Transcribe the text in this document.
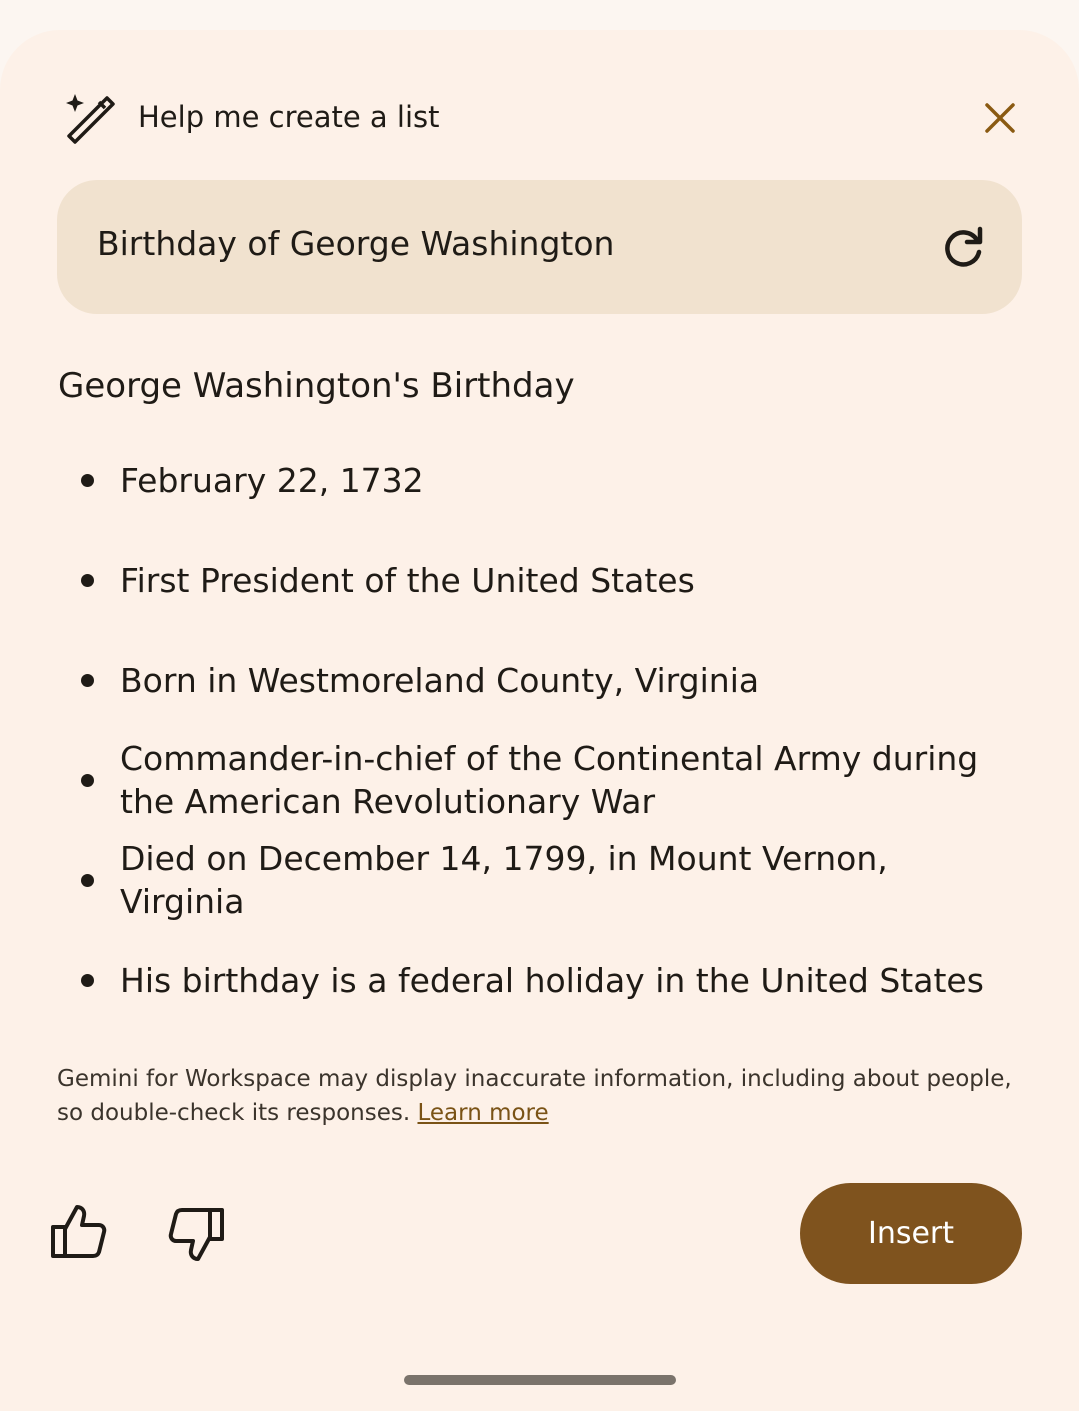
Help me create a list
Birthday of George Washington
George Washington's Birthday
February 22, 1732
First President of the United States
Born in Westmoreland County, Virginia
Commander-in-chief of the Continental Army during the American Revolutionary War
Died on December 14, 1799, in Mount Vernon, Virginia
His birthday is a federal holiday in the United States
Gemini for Workspace may display inaccurate information, including about people, so double-check its responses. Learn more
Insert
